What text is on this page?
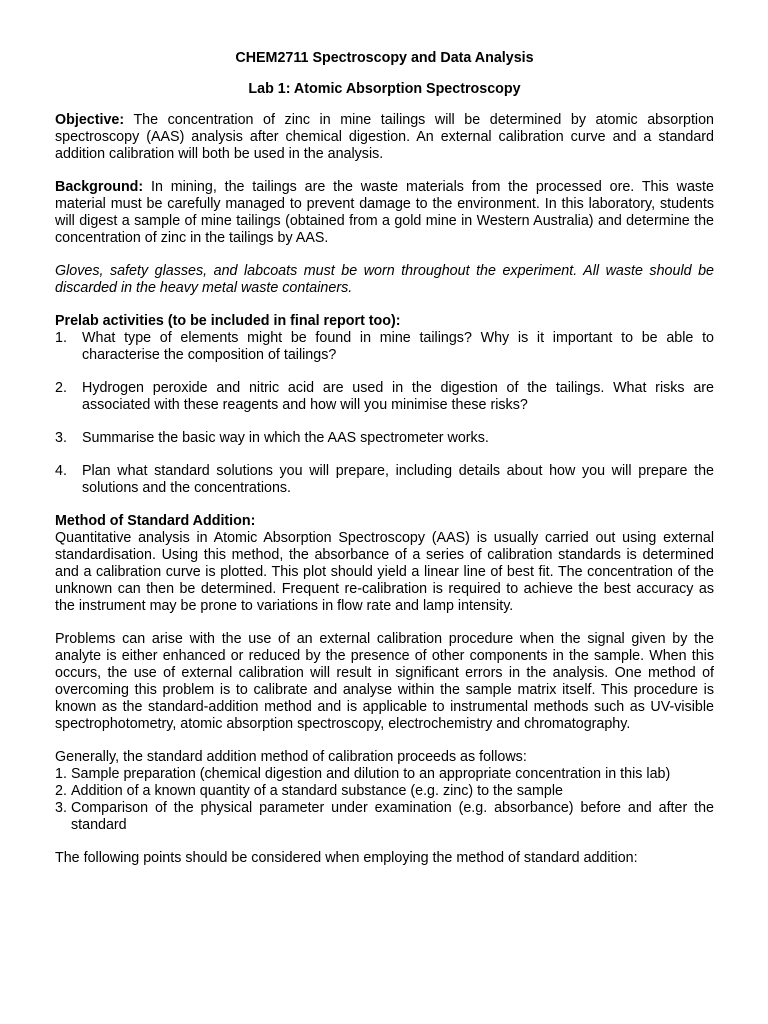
CHEM2711 Spectroscopy and Data Analysis
Lab 1: Atomic Absorption Spectroscopy

Objective: The concentration of zinc in mine tailings will be determined by atomic absorption spectroscopy (AAS) analysis after chemical digestion. An external calibration curve and a standard addition calibration will both be used in the analysis.

Background: In mining, the tailings are the waste materials from the processed ore. This waste material must be carefully managed to prevent damage to the environment. In this laboratory, students will digest a sample of mine tailings (obtained from a gold mine in Western Australia) and determine the concentration of zinc in the tailings by AAS.

Gloves, safety glasses, and labcoats must be worn throughout the experiment. All waste should be discarded in the heavy metal waste containers.

Prelab activities (to be included in final report too):
1. What type of elements might be found in mine tailings? Why is it important to be able to characterise the composition of tailings?
2. Hydrogen peroxide and nitric acid are used in the digestion of the tailings. What risks are associated with these reagents and how will you minimise these risks?
3. Summarise the basic way in which the AAS spectrometer works.
4. Plan what standard solutions you will prepare, including details about how you will prepare the solutions and the concentrations.
Method of Standard Addition:

Quantitative analysis in Atomic Absorption Spectroscopy (AAS) is usually carried out using external standardisation. Using this method, the absorbance of a series of calibration standards is determined and a calibration curve is plotted. This plot should yield a linear line of best fit. The concentration of the unknown can then be determined. Frequent re-calibration is required to achieve the best accuracy as the instrument may be prone to variations in flow rate and lamp intensity.

Problems can arise with the use of an external calibration procedure when the signal given by the analyte is either enhanced or reduced by the presence of other components in the sample. When this occurs, the use of external calibration will result in significant errors in the analysis. One method of overcoming this problem is to calibrate and analyse within the sample matrix itself. This procedure is known as the standard-addition method and is applicable to instrumental methods such as UV-visible spectrophotometry, atomic absorption spectroscopy, electrochemistry and chromatography.

Generally, the standard addition method of calibration proceeds as follows:
1. Sample preparation (chemical digestion and dilution to an appropriate concentration in this lab)
2. Addition of a known quantity of a standard substance (e.g. zinc) to the sample
3. Comparison of the physical parameter under examination (e.g. absorbance) before and after the standard

The following points should be considered when employing the method of standard addition:
